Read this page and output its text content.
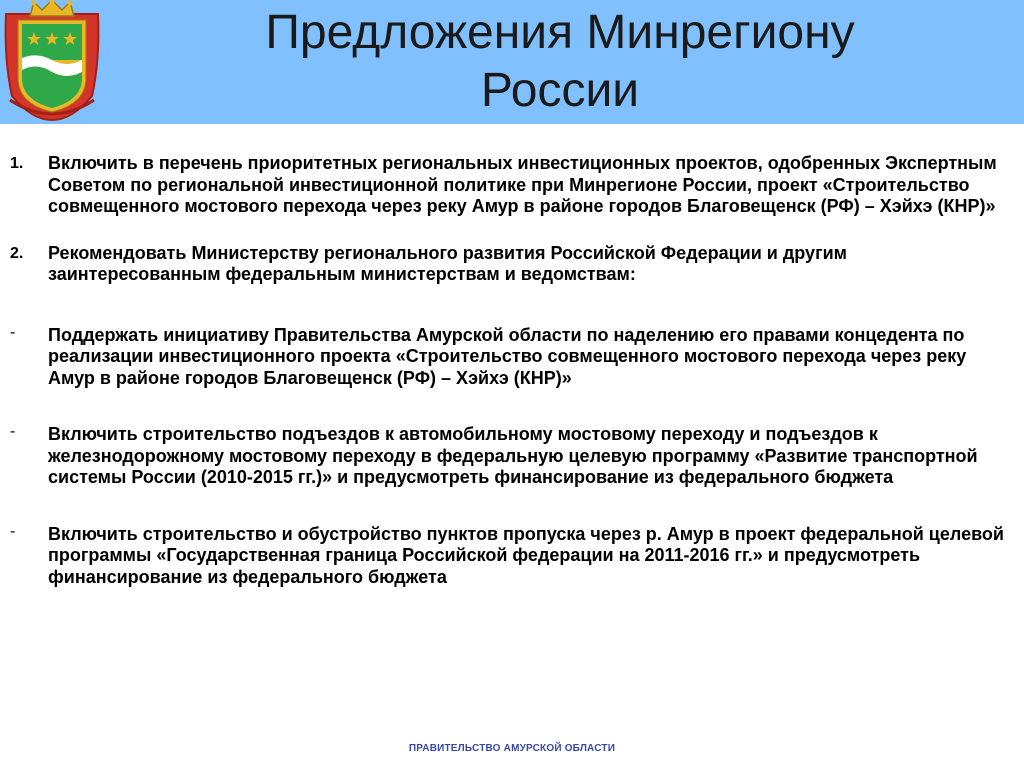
Предложения Минрегиону
России
1.	Включить в перечень приоритетных региональных инвестиционных проектов, одобренных Экспертным Советом по региональной инвестиционной политике при Минрегионе России, проект «Строительство совмещенного мостового перехода через реку Амур в районе городов Благовещенск (РФ) – Хэйхэ (КНР)»
2.	Рекомендовать Министерству регионального развития Российской Федерации и другим заинтересованным федеральным министерствам и ведомствам:
-	Поддержать инициативу Правительства Амурской области по наделению его правами концедента по реализации инвестиционного проекта «Строительство совмещенного мостового перехода через реку Амур в районе городов Благовещенск (РФ) – Хэйхэ (КНР)»
-	Включить строительство подъездов к автомобильному мостовому переходу и подъездов к железнодорожному мостовому переходу в федеральную целевую программу «Развитие транспортной системы России (2010-2015 гг.)» и предусмотреть финансирование из федерального бюджета
-	Включить строительство и обустройство пунктов пропуска через р. Амур в проект федеральной целевой программы «Государственная граница Российской федерации на 2011-2016 гг.» и предусмотреть финансирование из федерального бюджета
ПРАВИТЕЛЬСТВО АМУРСКОЙ ОБЛАСТИ
